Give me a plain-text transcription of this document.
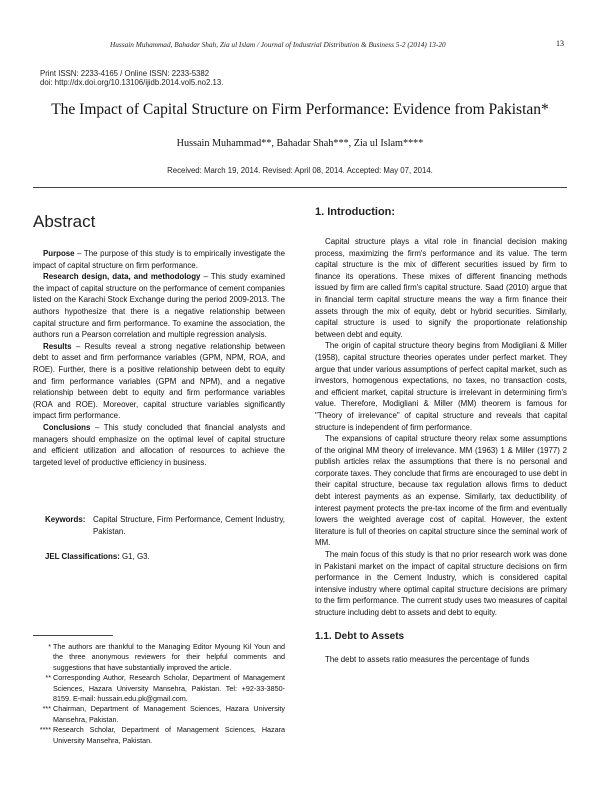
Hussain Muhammad, Bahadar Shah, Zia ul Islam / Journal of Industrial Distribution & Business 5-2 (2014) 13-20	13
Print ISSN: 2233-4165 / Online ISSN: 2233-5382
doi: http://dx.doi.org/10.13106/ijidb.2014.vol5.no2.13.
The Impact of Capital Structure on Firm Performance: Evidence from Pakistan*
Hussain Muhammad**, Bahadar Shah***, Zia ul Islam****
Received: March 19, 2014. Revised: April 08, 2014. Accepted: May 07, 2014.
Abstract

Purpose – The purpose of this study is to empirically investigate the impact of capital structure on firm performance.

Research design, data, and methodology – This study examined the impact of capital structure on the performance of cement companies listed on the Karachi Stock Exchange during the period 2009-2013. The authors hypothesize that there is a negative relationship between capital structure and firm performance. To examine the association, the authors run a Pearson correlation and multiple regression analysis.

Results – Results reveal a strong negative relationship between debt to asset and firm performance variables (GPM, NPM, ROA, and ROE). Further, there is a positive relationship between debt to equity and firm performance variables (GPM and NPM), and a negative relationship between debt to equity and firm performance variables (ROA and ROE). Moreover, capital structure variables significantly impact firm performance.

Conclusions – This study concluded that financial analysts and managers should emphasize on the optimal level of capital structure and efficient utilization and allocation of resources to achieve the targeted level of productive efficiency in business.

Keywords: Capital Structure, Firm Performance, Cement Industry, Pakistan.
JEL Classifications: G1, G3.
* The authors are thankful to the Managing Editor Myoung Kil Youn and the three anonymous reviewers for their helpful comments and suggestions that have substantially improved the article.
** Corresponding Author, Research Scholar, Department of Management Sciences, Hazara University Mansehra, Pakistan. Tel: +92-33-3850-8159. E-mail: hussain.edu.pk@gmail.com.
*** Chairman, Department of Management Sciences, Hazara University Mansehra, Pakistan.
**** Research Scholar, Department of Management Sciences, Hazara University Mansehra, Pakistan.
1. Introduction:

Capital structure plays a vital role in financial decision making process, maximizing the firm's performance and its value. The term capital structure is the mix of different securities issued by firm to finance its operations. These mixes of different financing methods issued by firm are called firm's capital structure. Saad (2010) argue that in financial term capital structure means the way a firm finance their assets through the mix of equity, debt or hybrid securities. Similarly, capital structure is used to signify the proportionate relationship between debt and equity.

The origin of capital structure theory begins from Modigliani & Miller (1958), capital structure theories operates under perfect market. They argue that under various assumptions of perfect capital market, such as investors, homogenous expectations, no taxes, no transaction costs, and efficient market, capital structure is irrelevant in determining firm's value. Therefore, Modigliani & Miller (MM) theorem is famous for "Theory of irrelevance" of capital structure and reveals that capital structure is independent of firm performance.

The expansions of capital structure theory relax some assumptions of the original MM theory of irrelevance. MM (1963) 1 & Miller (1977) 2 publish articles relax the assumptions that there is no personal and corporate taxes. They conclude that firms are encouraged to use debt in their capital structure, because tax regulation allows firms to deduct debt interest payments as an expense. Similarly, tax deductibility of interest payment protects the pre-tax income of the firm and eventually lowers the weighted average cost of capital. However, the extent literature is full of theories on capital structure since the seminal work of MM.

The main focus of this study is that no prior research work was done in Pakistani market on the impact of capital structure decisions on firm performance in the Cement Industry, which is considered capital intensive industry where optimal capital structure decisions are primary to the firm performance. The current study uses two measures of capital structure including debt to assets and debt to equity.

1.1. Debt to Assets

The debt to assets ratio measures the percentage of funds
